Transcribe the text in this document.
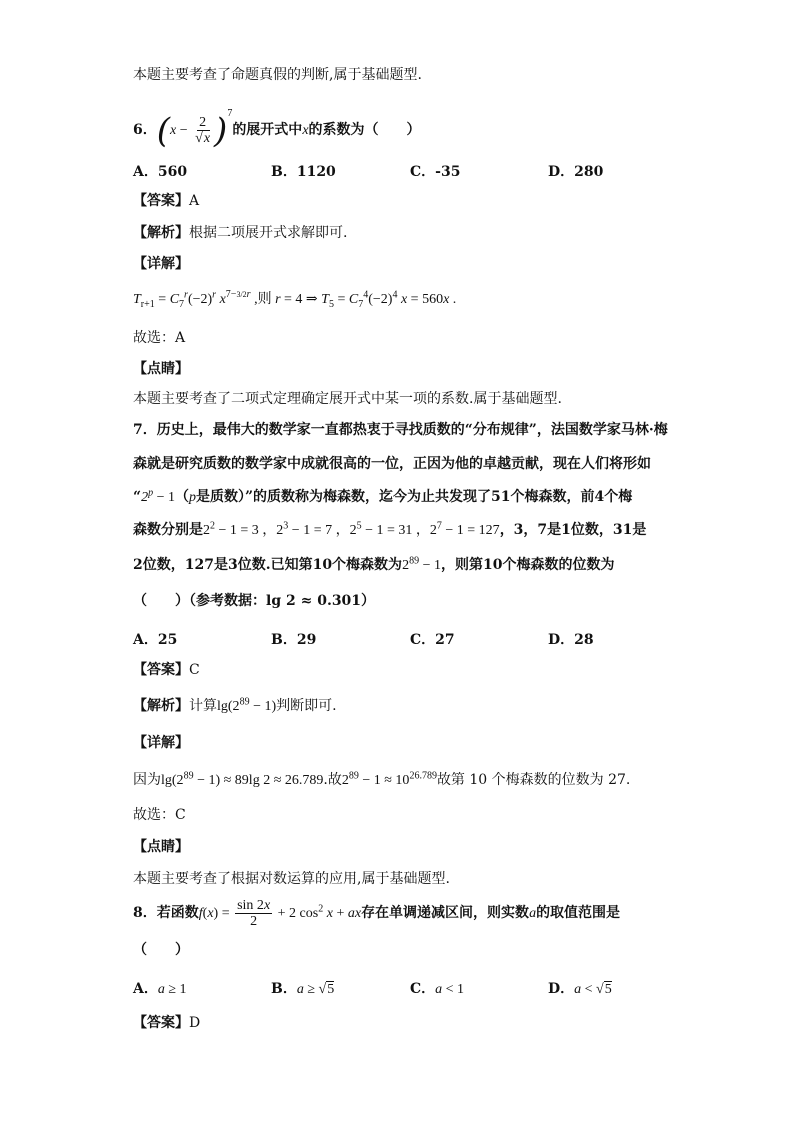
本题主要考查了命题真假的判断,属于基础题型.
6．$(x - \frac{2}{√x} )^7$的展开式中x的系数为（　　）
A．560	B．1120	C．-35	D．280
【答案】A
【解析】根据二项展开式求解即可.
【详解】
$T_{r+1} = C_7^r(-2)^r$ $x^{7-3/2r}$ ,则 r = 4 ⇒ $T_5 = C_7^4(-2)^4$ x = 560x .
故选：A
【点睛】
本题主要考查了二项式定理确定展开式中某一项的系数.属于基础题型.
7．历史上，最伟大的数学家一直都热衷于寻找质数的“分布规律”，法国数学家马林·梅
森就是研究质数的数学家中成就很高的一位，正因为他的卓越贡献，现在人们将形如
“$2^p - 1(p$是质数）”的质数称为梅森数，迄今为止共发现了51个梅森数，前4个梅
森数分别是$2^2 - 1 = 3$ ，$2^3 - 1 = 7$ ，$2^5 - 1 = 31$ ，$2^7 - 1 = 127$，3，7是1位数，31是
2位数，127是3位数.已知第10个梅森数为$2^{89} - 1$，则第10个梅森数的位数为
（　　）（参考数据：lg 2 ≈ 0.301）
A．25	B．29	C．27	D．28
【答案】C
【解析】计算$\lg(2^{89} - 1)$判断即可.
【详解】
因为$\lg(2^{89} - 1) \approx 89\lg$ 2 ≈ 26.789.故$2^{89} - 1 \approx 10^{26.789}$故第 10 个梅森数的位数为 27.
故选：C
【点睛】
本题主要考查了根据对数运算的应用,属于基础题型.
8．若函数$f(x) = \frac{\sin 2x}{2} + 2$ $\cos^2 x$ + ax存在单调递减区间，则实数a的取值范围是
（　　）
A．a ≥ 1	B．a ≥ √5	C．a < 1	D．a < √5
【答案】D
